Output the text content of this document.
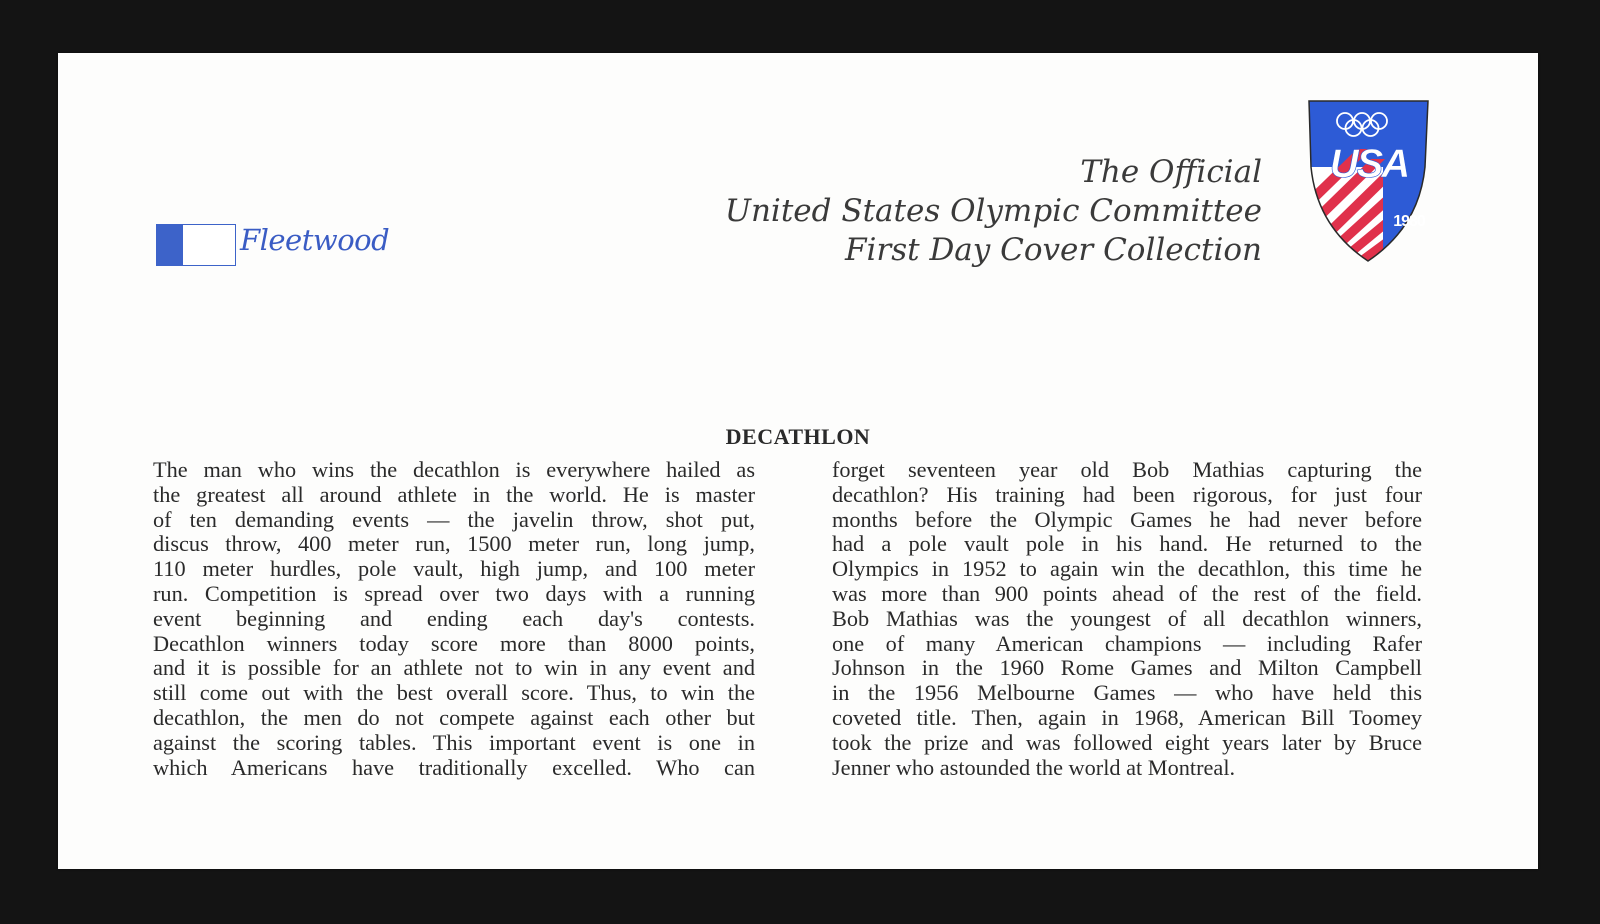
Fleetwood
The Official
United States Olympic Committee
First Day Cover Collection
USA
1980
DECATHLON
The man who wins the decathlon is everywhere hailed as
the greatest all around athlete in the world. He is master
of ten demanding events — the javelin throw, shot put,
discus throw, 400 meter run, 1500 meter run, long jump,
110 meter hurdles, pole vault, high jump, and 100 meter
run. Competition is spread over two days with a running
event beginning and ending each day's contests.
Decathlon winners today score more than 8000 points,
and it is possible for an athlete not to win in any event and
still come out with the best overall score. Thus, to win the
decathlon, the men do not compete against each other but
against the scoring tables. This important event is one in
which Americans have traditionally excelled. Who can
forget seventeen year old Bob Mathias capturing the
decathlon? His training had been rigorous, for just four
months before the Olympic Games he had never before
had a pole vault pole in his hand. He returned to the
Olympics in 1952 to again win the decathlon, this time he
was more than 900 points ahead of the rest of the field.
Bob Mathias was the youngest of all decathlon winners,
one of many American champions — including Rafer
Johnson in the 1960 Rome Games and Milton Campbell
in the 1956 Melbourne Games — who have held this
coveted title. Then, again in 1968, American Bill Toomey
took the prize and was followed eight years later by Bruce
Jenner who astounded the world at Montreal.
